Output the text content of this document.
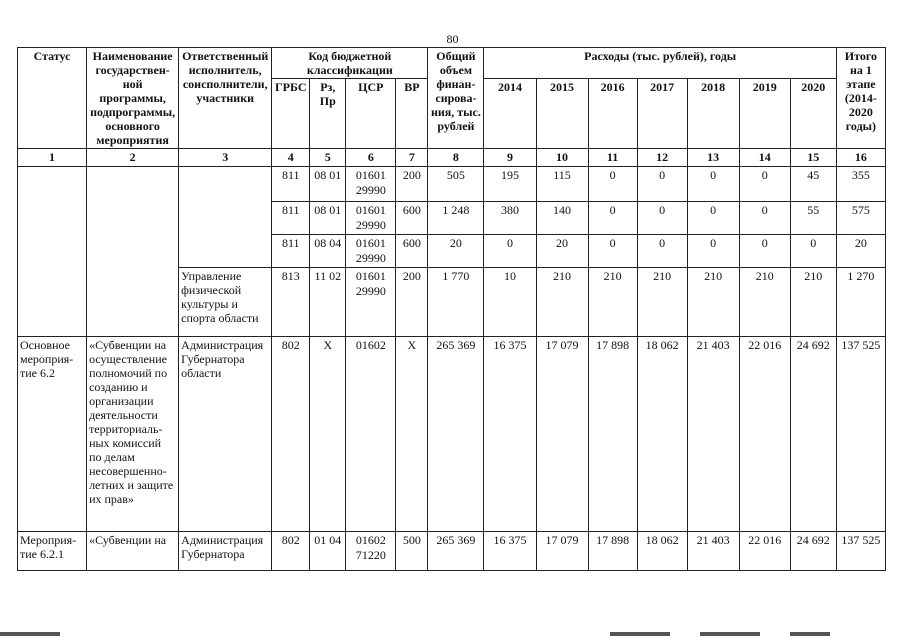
80
Статус	Наименование государствен-ной программы, подпрограммы, основного мероприятия	Ответственный исполнитель, соисполнители, участники	Код бюджетной классификации				Общий объем финан-сирова-ния, тыс. рублей	Расходы (тыс. рублей), годы							Итого на 1 этапе (2014-2020 годы)
			ГРБС	Рз, Пр	ЦСР	ВР		2014	2015	2016	2017	2018	2019	2020	
1	2	3	4	5	6	7	8	9	10	11	12	13	14	15	16
			811	08 01	01601 29990	200	505	195	115	0	0	0	0	45	355
			811	08 01	01601 29990	600	1 248	380	140	0	0	0	0	55	575
			811	08 04	01601 29990	600	20	0	20	0	0	0	0	0	20
		Управление физической культуры и спорта области	813	11 02	01601 29990	200	1 770	10	210	210	210	210	210	210	1 270
Основное мероприя-тие 6.2	«Субвенции на осуществление полномочий по созданию и организации деятельности территориаль-ных комиссий по делам несовершенно-летних и защите их прав»	Администрация Губернатора области	802	Х	01602	Х	265 369	16 375	17 079	17 898	18 062	21 403	22 016	24 692	137 525
Мероприя-тие 6.2.1	«Субвенции на	Администрация Губернатора	802	01 04	01602 71220	500	265 369	16 375	17 079	17 898	18 062	21 403	22 016	24 692	137 525
